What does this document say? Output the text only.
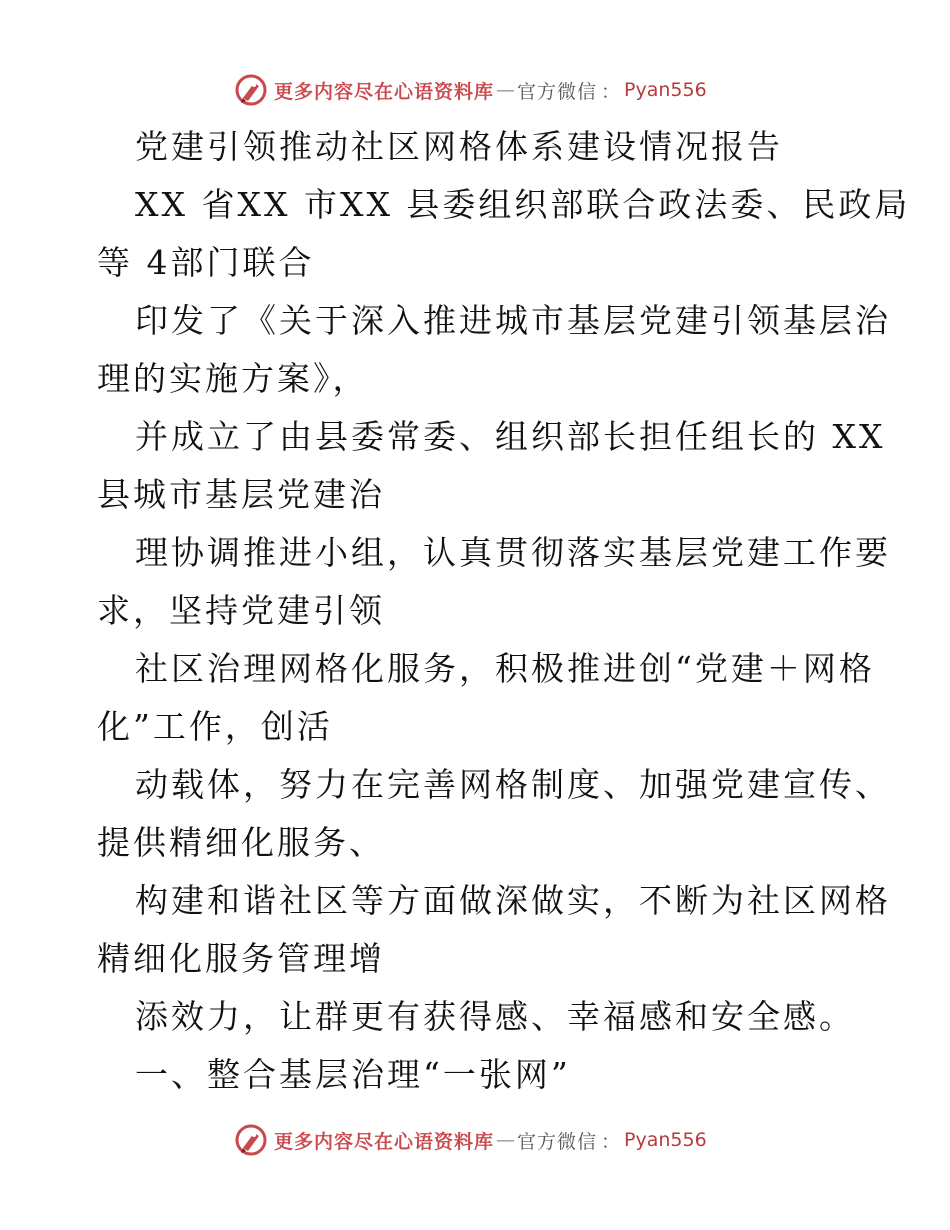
更多内容尽在心语资料库 — 官方微信 ： Pyan556
党建引领推动社区网格体系建设情况报告
XX 省XX 市XX 县委组织部联合政法委、民政局
等 4部门联合
印发了《关于深入推进城市基层党建引领基层治
理的实施方案》，
并成立了由县委常委、组织部长担任组长的 XX
县城市基层党建治
理协调推进小组，认真贯彻落实基层党建工作要
求，坚持党建引领
社区治理网格化服务，积极推进创“党建＋网格
化”工作，创活
动载体，努力在完善网格制度、加强党建宣传、
提供精细化服务、
构建和谐社区等方面做深做实，不断为社区网格
精细化服务管理增
添效力，让群更有获得感、幸福感和安全感。
一、整合基层治理“一张网”
更多内容尽在心语资料库 — 官方微信 ： Pyan556
